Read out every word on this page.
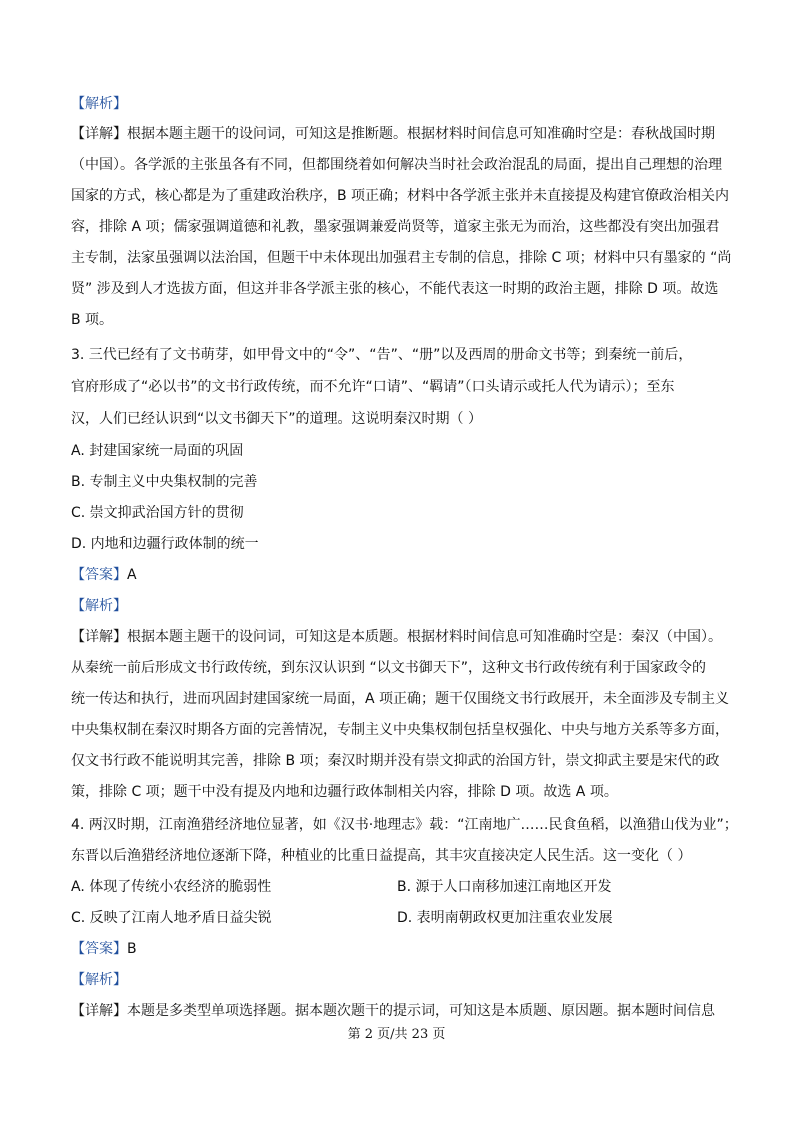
【解析】
【详解】根据本题主题干的设问词，可知这是推断题。根据材料时间信息可知准确时空是：春秋战国时期
（中国）。各学派的主张虽各有不同，但都围绕着如何解决当时社会政治混乱的局面，提出自己理想的治理
国家的方式，核心都是为了重建政治秩序，B 项正确；材料中各学派主张并未直接提及构建官僚政治相关内
容，排除 A 项；儒家强调道德和礼教，墨家强调兼爱尚贤等，道家主张无为而治，这些都没有突出加强君
主专制，法家虽强调以法治国，但题干中未体现出加强君主专制的信息，排除 C 项；材料中只有墨家的 “尚
贤” 涉及到人才选拔方面，但这并非各学派主张的核心，不能代表这一时期的政治主题，排除 D 项。故选
B 项。
3. 三代已经有了文书萌芽，如甲骨文中的“令”、“告”、“册”以及西周的册命文书等；到秦统一前后，
官府形成了“必以书”的文书行政传统，而不允许“口请”、“羁请”（口头请示或托人代为请示）；至东
汉，人们已经认识到“以文书御天下”的道理。这说明秦汉时期（ ）
A. 封建国家统一局面的巩固
B. 专制主义中央集权制的完善
C. 崇文抑武治国方针的贯彻
D. 内地和边疆行政体制的统一
【答案】A
【解析】
【详解】根据本题主题干的设问词，可知这是本质题。根据材料时间信息可知准确时空是：秦汉（中国）。
从秦统一前后形成文书行政传统，到东汉认识到 “以文书御天下”，这种文书行政传统有利于国家政令的
统一传达和执行，进而巩固封建国家统一局面，A 项正确；题干仅围绕文书行政展开，未全面涉及专制主义
中央集权制在秦汉时期各方面的完善情况，专制主义中央集权制包括皇权强化、中央与地方关系等多方面，
仅文书行政不能说明其完善，排除 B 项；秦汉时期并没有崇文抑武的治国方针，崇文抑武主要是宋代的政
策，排除 C 项；题干中没有提及内地和边疆行政体制相关内容，排除 D 项。故选 A 项。
4. 两汉时期，江南渔猎经济地位显著，如《汉书·地理志》载：“江南地广……民食鱼稻，以渔猎山伐为业”；
东晋以后渔猎经济地位逐渐下降，种植业的比重日益提高，其丰灾直接决定人民生活。这一变化（ ）
A. 体现了传统小农经济的脆弱性	B. 源于人口南移加速江南地区开发
C. 反映了江南人地矛盾日益尖锐	D. 表明南朝政权更加注重农业发展
【答案】B
【解析】
【详解】本题是多类型单项选择题。据本题次题干的提示词，可知这是本质题、原因题。据本题时间信息
第 2 页/共 23 页
